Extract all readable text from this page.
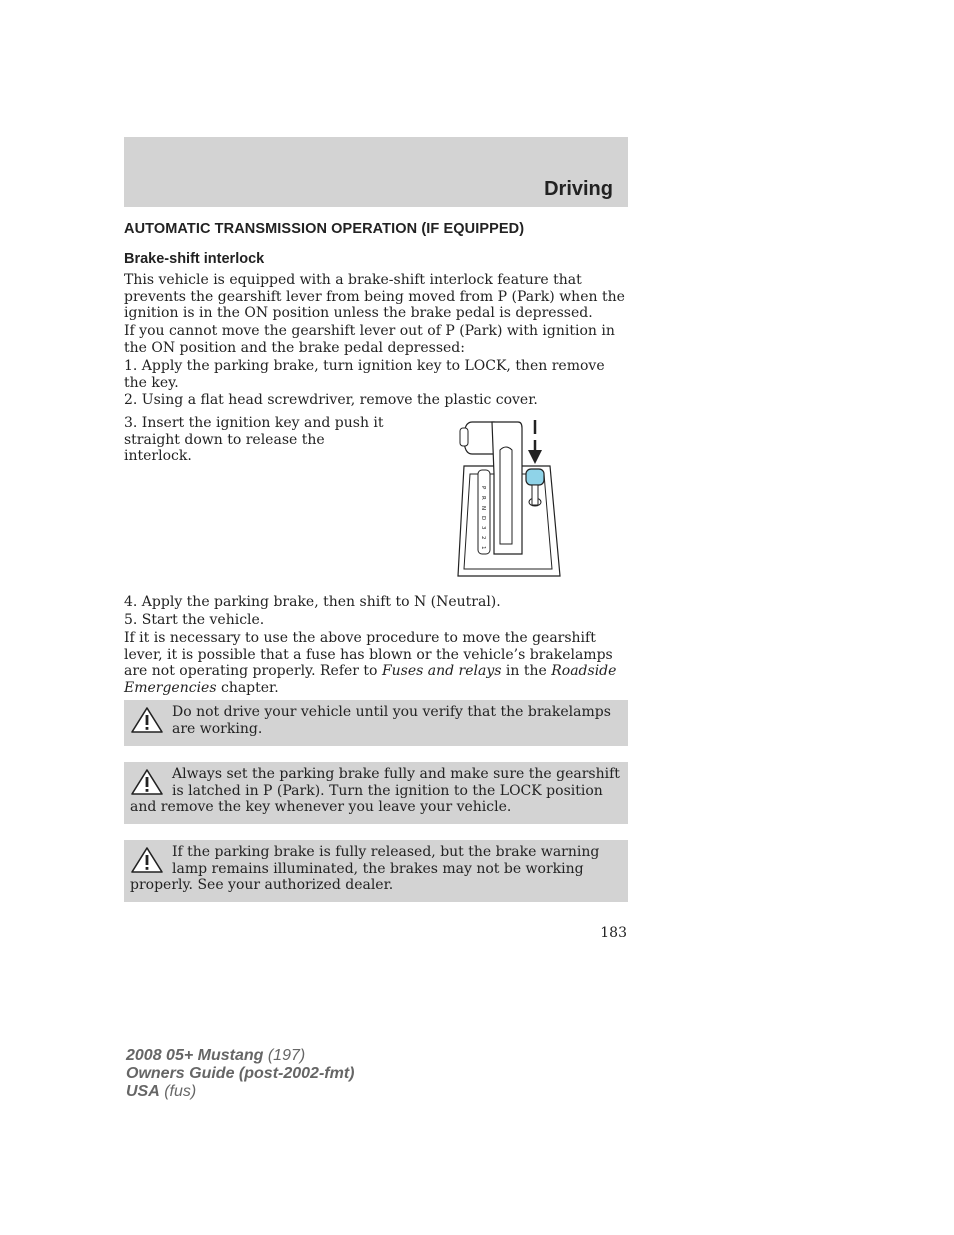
Driving
AUTOMATIC TRANSMISSION OPERATION (IF EQUIPPED)
Brake-shift interlock

This vehicle is equipped with a brake-shift interlock feature that prevents the gearshift lever from being moved from P (Park) when the ignition is in the ON position unless the brake pedal is depressed.

If you cannot move the gearshift lever out of P (Park) with ignition in the ON position and the brake pedal depressed:

1. Apply the parking brake, turn ignition key to LOCK, then remove the key.

2. Using a flat head screwdriver, remove the plastic cover.

3. Insert the ignition key and push it straight down to release the interlock.

P
R
N
D
3
2
1

4. Apply the parking brake, then shift to N (Neutral).

5. Start the vehicle.

If it is necessary to use the above procedure to move the gearshift lever, it is possible that a fuse has blown or the vehicle’s brakelamps are not operating properly. Refer to Fuses and relays in the Roadside Emergencies chapter.

Do not drive your vehicle until you verify that the brakelamps are working.
Always set the parking brake fully and make sure the gearshift is latched in P (Park). Turn the ignition to the LOCK position and remove the key whenever you leave your vehicle.
If the parking brake is fully released, but the brake warning lamp remains illuminated, the brakes may not be working properly. See your authorized dealer.
183
2008 05+ Mustang (197)
Owners Guide (post-2002-fmt)
USA (fus)
